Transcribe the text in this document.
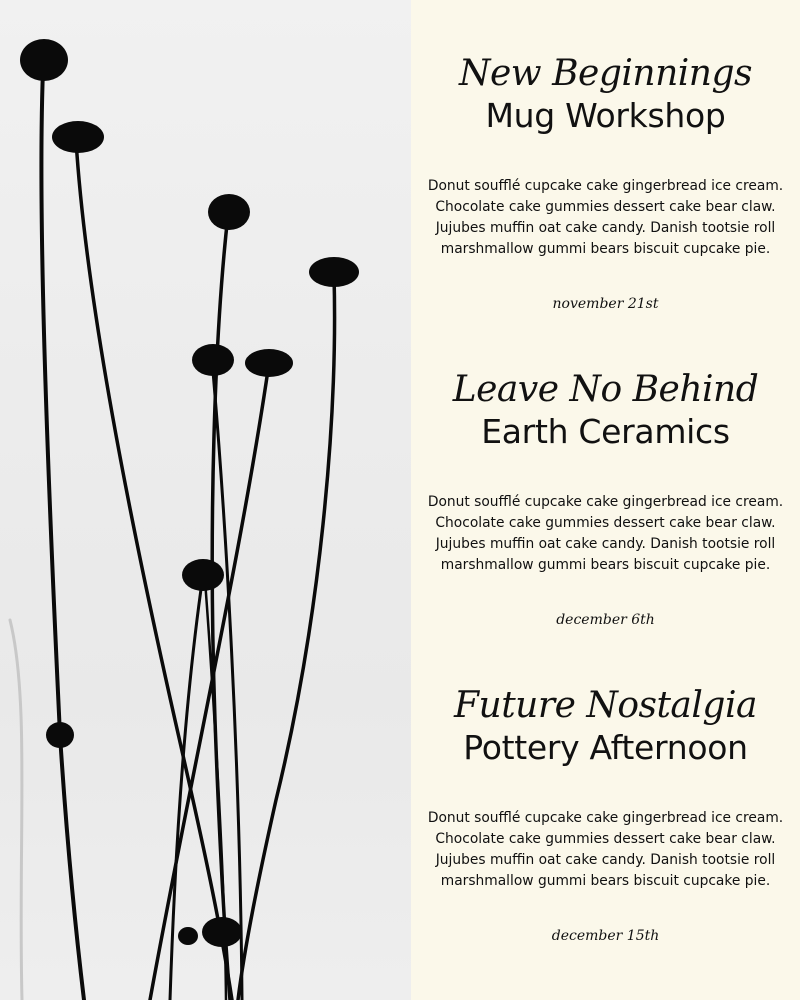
New Beginnings
Mug Workshop
Donut soufflé cupcake cake gingerbread ice cream.
Chocolate cake gummies dessert cake bear claw.
Jujubes muffin oat cake candy. Danish tootsie roll
marshmallow gummi bears biscuit cupcake pie.
november 21st
Leave No Behind
Earth Ceramics
Donut soufflé cupcake cake gingerbread ice cream.
Chocolate cake gummies dessert cake bear claw.
Jujubes muffin oat cake candy. Danish tootsie roll
marshmallow gummi bears biscuit cupcake pie.
december 6th
Future Nostalgia
Pottery Afternoon
Donut soufflé cupcake cake gingerbread ice cream.
Chocolate cake gummies dessert cake bear claw.
Jujubes muffin oat cake candy. Danish tootsie roll
marshmallow gummi bears biscuit cupcake pie.
december 15th
